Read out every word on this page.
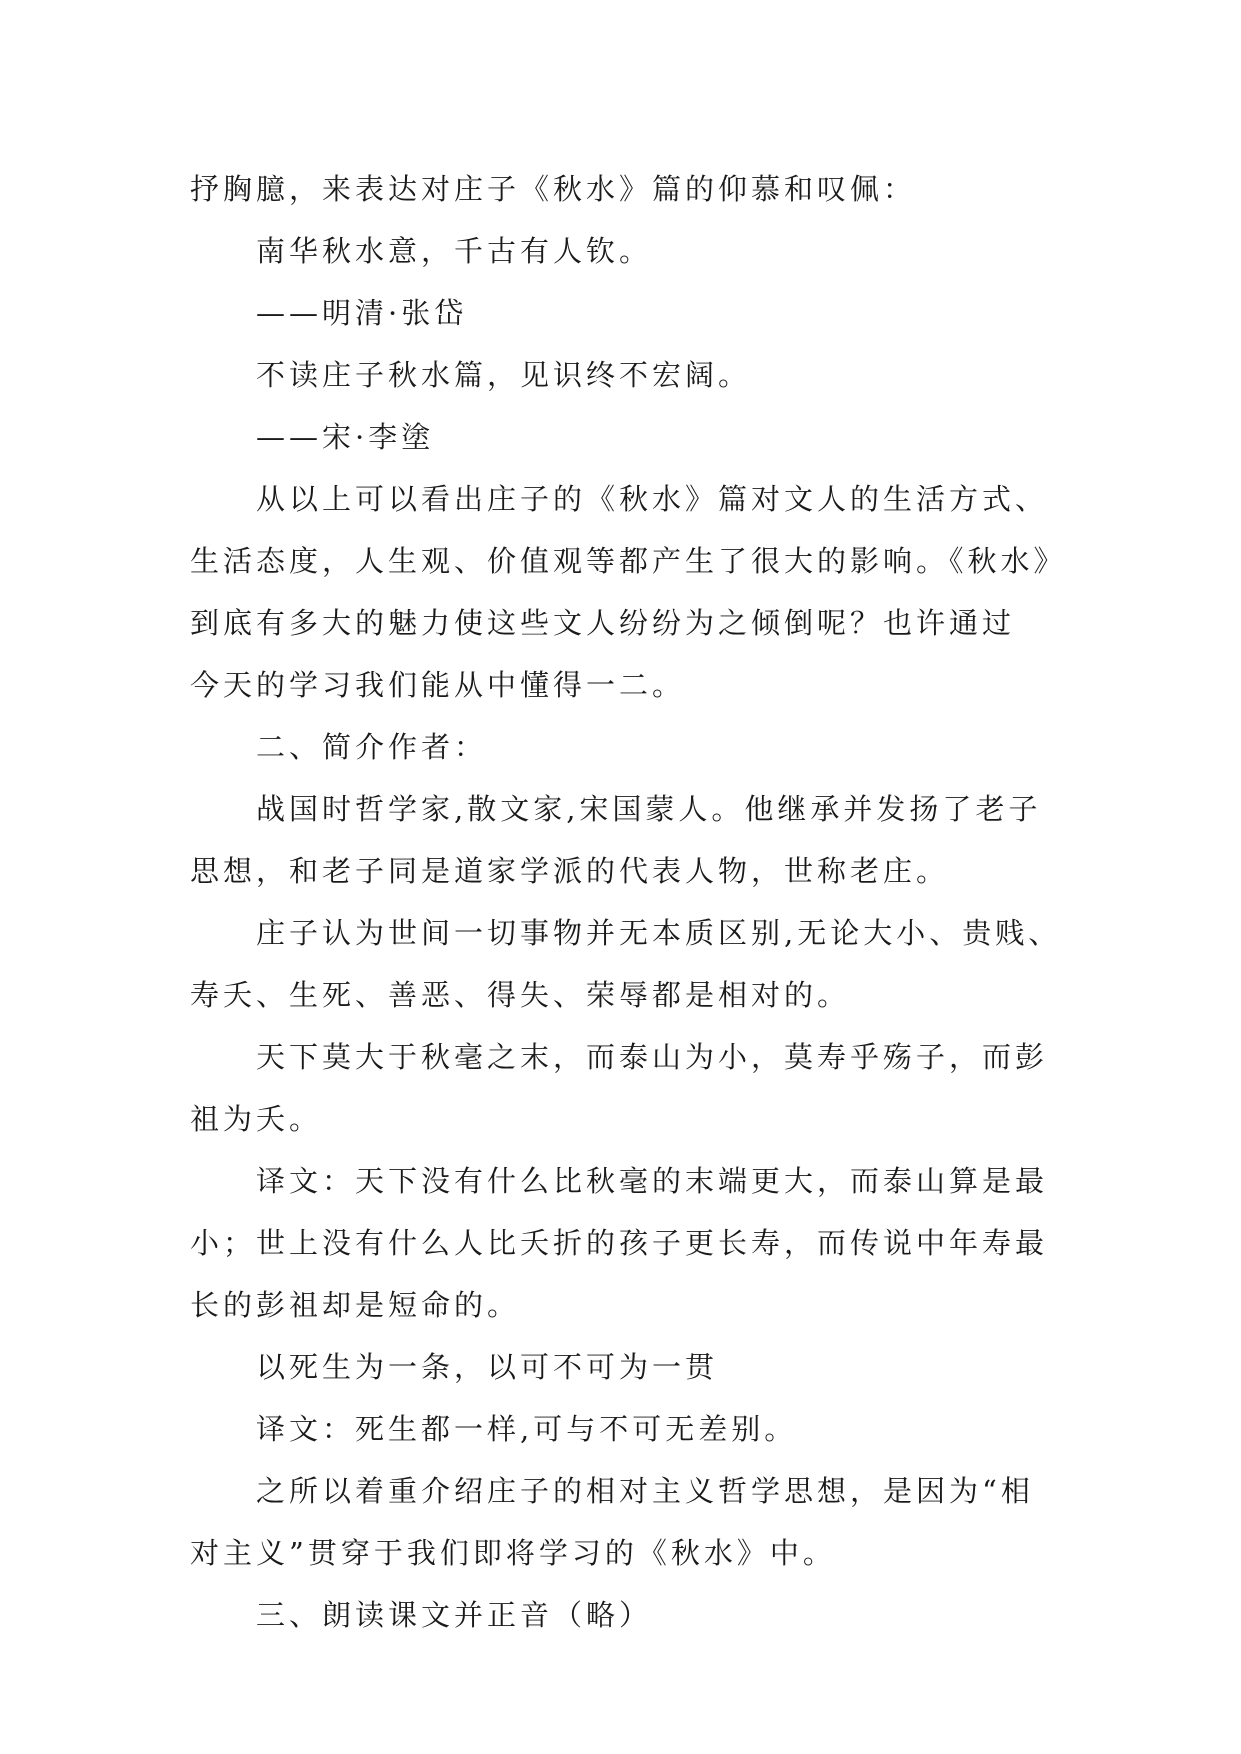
抒胸臆，来表达对庄子《秋水》篇的仰慕和叹佩：
南华秋水意，千古有人钦。
——明清·张岱
不读庄子秋水篇，见识终不宏阔。
——宋·李塗
从以上可以看出庄子的《秋水》篇对文人的生活方式、
生活态度，人生观、价值观等都产生了很大的影响。《秋水》
到底有多大的魅力使这些文人纷纷为之倾倒呢？也许通过
今天的学习我们能从中懂得一二。
二、简介作者：
战国时哲学家,散文家,宋国蒙人。他继承并发扬了老子
思想，和老子同是道家学派的代表人物，世称老庄。
庄子认为世间一切事物并无本质区别,无论大小、贵贱、
寿夭、生死、善恶、得失、荣辱都是相对的。
天下莫大于秋毫之末，而泰山为小，莫寿乎殇子，而彭
祖为夭。
译文：天下没有什么比秋毫的末端更大，而泰山算是最
小；世上没有什么人比夭折的孩子更长寿，而传说中年寿最
长的彭祖却是短命的。
以死生为一条，以可不可为一贯
译文：死生都一样,可与不可无差别。
之所以着重介绍庄子的相对主义哲学思想，是因为“相
对主义”贯穿于我们即将学习的《秋水》中。
三、朗读课文并正音（略）
